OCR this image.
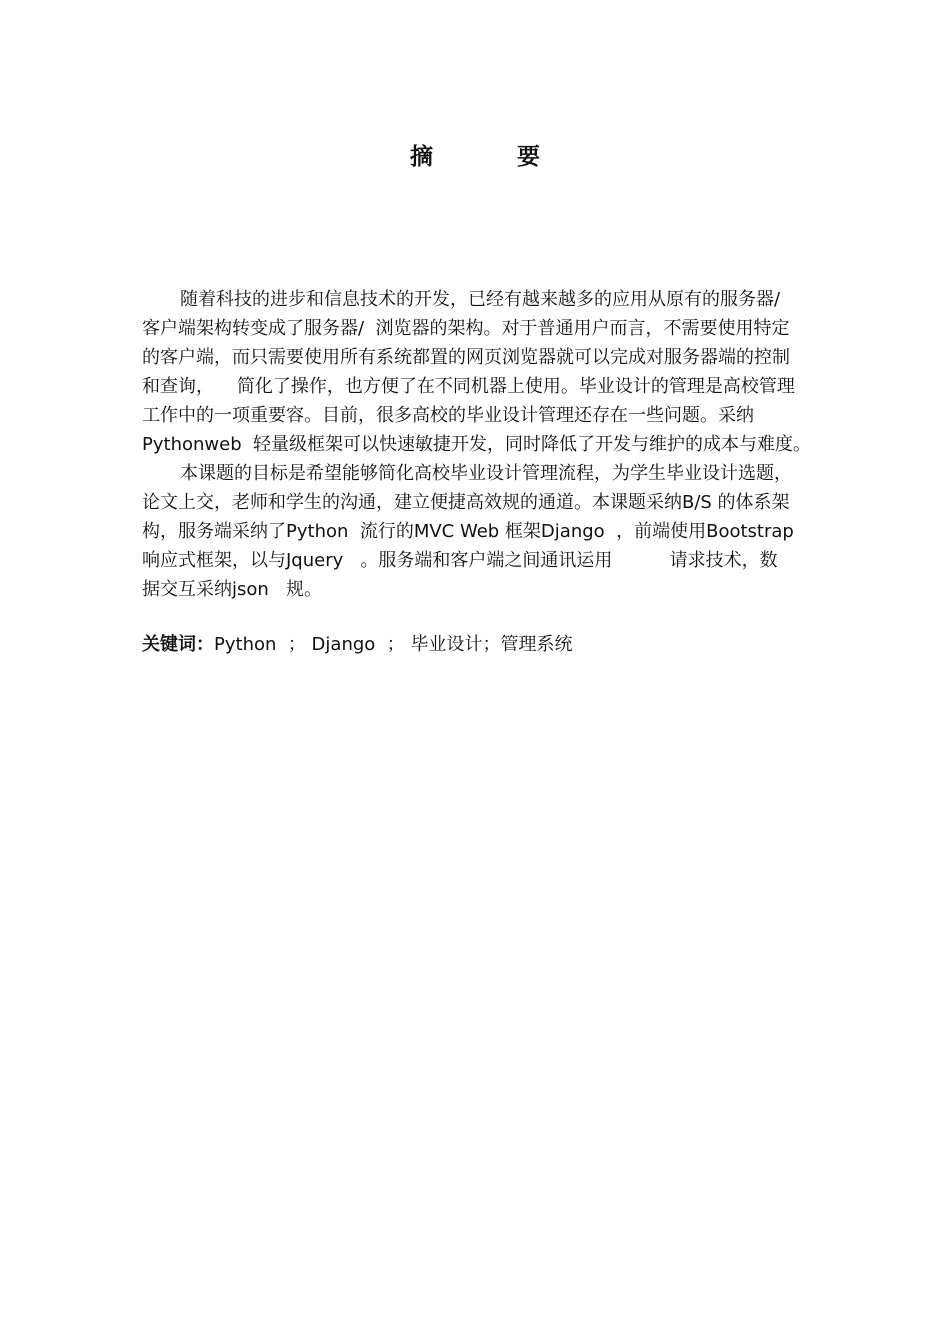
摘	要
随着科技的进步和信息技术的开发，已经有越来越多的应用从原有的服务器/
客户端架构转变成了服务器/  浏览器的架构。对于普通用户而言，不需要使用特定
的客户端，而只需要使用所有系统都置的网页浏览器就可以完成对服务器端的控制
和查询，    简化了操作，也方便了在不同机器上使用。毕业设计的管理是高校管理
工作中的一项重要容。目前，很多高校的毕业设计管理还存在一些问题。采纳
Pythonweb  轻量级框架可以快速敏捷开发，同时降低了开发与维护的成本与难度。
本课题的目标是希望能够简化高校毕业设计管理流程，为学生毕业设计选题，
论文上交，老师和学生的沟通，建立便捷高效规的通道。本课题采纳B/S 的体系架
构，服务端采纳了Python  流行的MVC Web 框架Django  ，前端使用Bootstrap
响应式框架，以与Jquery   。服务端和客户端之间通讯运用          请求技术，数
据交互采纳json   规。
关键词：Python  ； Django  ； 毕业设计；管理系统
